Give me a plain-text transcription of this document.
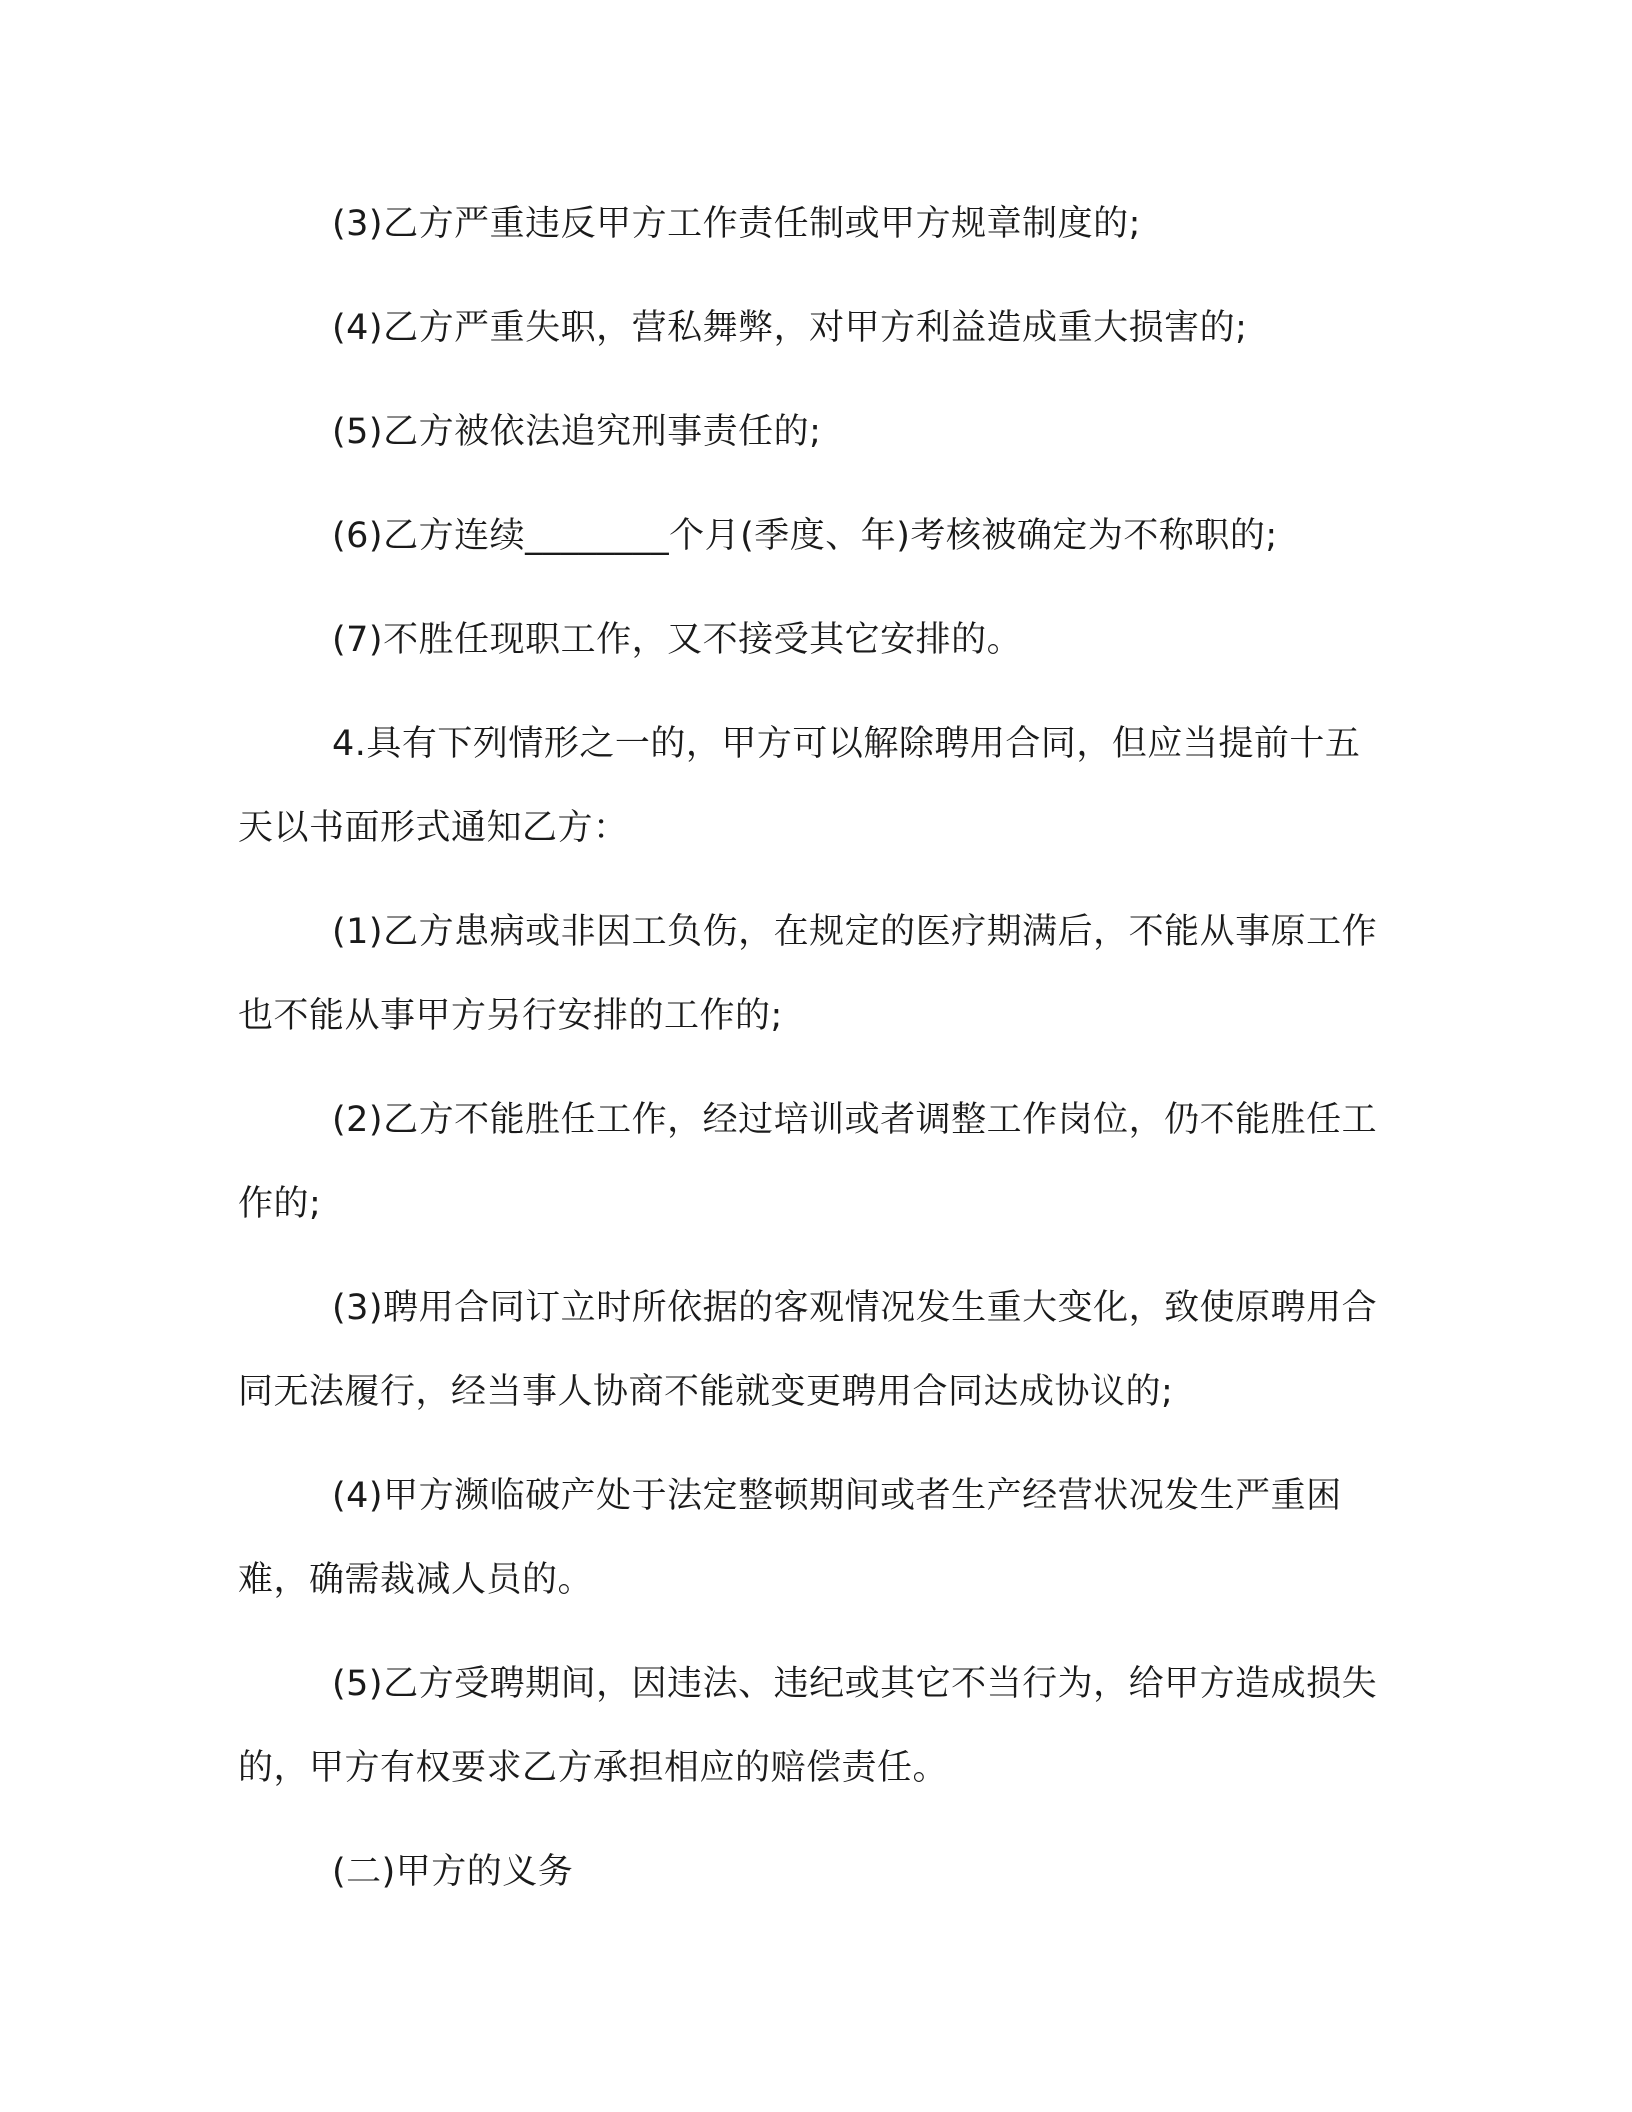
(3)乙方严重违反甲方工作责任制或甲方规章制度的;

(4)乙方严重失职，营私舞弊，对甲方利益造成重大损害的;

(5)乙方被依法追究刑事责任的;

(6)乙方连续________个月(季度、年)考核被确定为不称职的;

(7)不胜任现职工作，又不接受其它安排的。

4.具有下列情形之一的，甲方可以解除聘用合同，但应当提前十五天以书面形式通知乙方：

(1)乙方患病或非因工负伤，在规定的医疗期满后，不能从事原工作也不能从事甲方另行安排的工作的;

(2)乙方不能胜任工作，经过培训或者调整工作岗位，仍不能胜任工作的;

(3)聘用合同订立时所依据的客观情况发生重大变化，致使原聘用合同无法履行，经当事人协商不能就变更聘用合同达成协议的;

(4)甲方濒临破产处于法定整顿期间或者生产经营状况发生严重困难，确需裁减人员的。

(5)乙方受聘期间，因违法、违纪或其它不当行为，给甲方造成损失的，甲方有权要求乙方承担相应的赔偿责任。

(二)甲方的义务
